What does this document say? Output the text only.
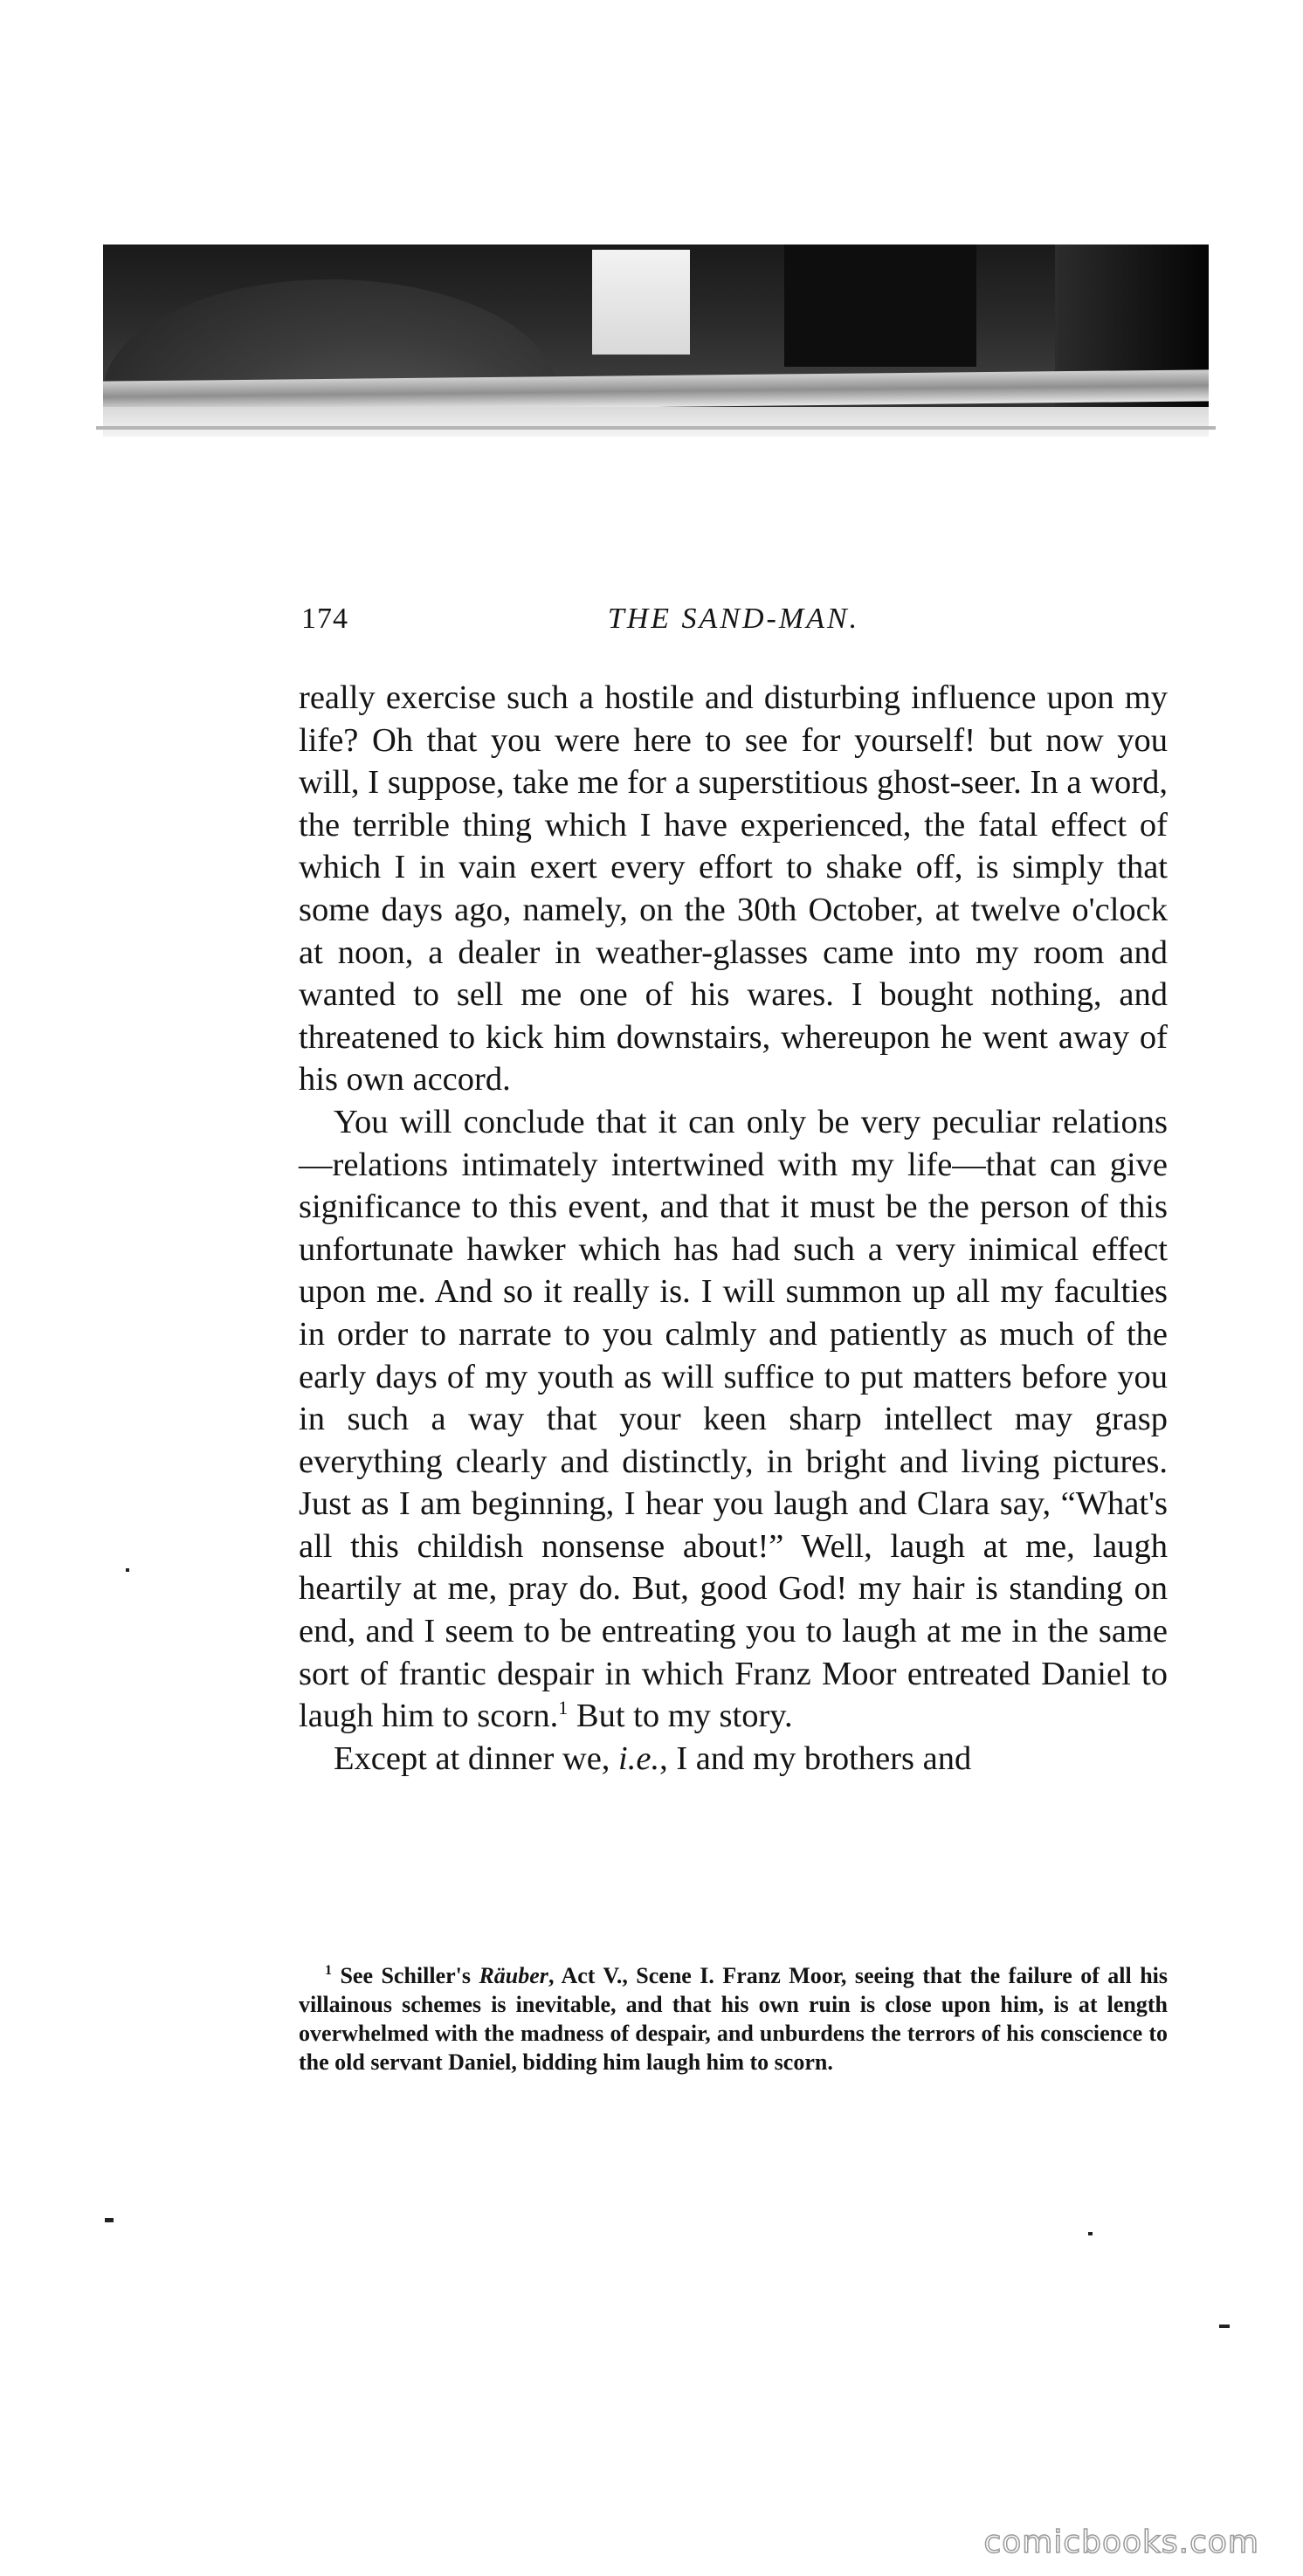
174	THE SAND-MAN.

really exercise such a hostile and disturbing influence upon my life? Oh that you were here to see for yourself! but now you will, I suppose, take me for a superstitious ghost-seer. In a word, the terrible thing which I have experienced, the fatal effect of which I in vain exert every effort to shake off, is simply that some days ago, namely, on the 30th October, at twelve o'clock at noon, a dealer in weather-glasses came into my room and wanted to sell me one of his wares. I bought nothing, and threatened to kick him downstairs, whereupon he went away of his own accord.

You will conclude that it can only be very peculiar relations—relations intimately intertwined with my life—that can give significance to this event, and that it must be the person of this unfortunate hawker which has had such a very inimical effect upon me. And so it really is. I will summon up all my faculties in order to narrate to you calmly and patiently as much of the early days of my youth as will suffice to put matters before you in such a way that your keen sharp intellect may grasp everything clearly and distinctly, in bright and living pictures. Just as I am beginning, I hear you laugh and Clara say, “What's all this childish nonsense about!” Well, laugh at me, laugh heartily at me, pray do. But, good God! my hair is standing on end, and I seem to be entreating you to laugh at me in the same sort of frantic despair in which Franz Moor entreated Daniel to laugh him to scorn.$^1$ But to my story.

Except at dinner we, i.e., I and my brothers and

$^1$ See Schiller's Räuber, Act V., Scene I. Franz Moor, seeing that the failure of all his villainous schemes is inevitable, and that his own ruin is close upon him, is at length overwhelmed with the madness of despair, and unburdens the terrors of his conscience to the old servant Daniel, bidding him laugh him to scorn.

comicbooks.com
